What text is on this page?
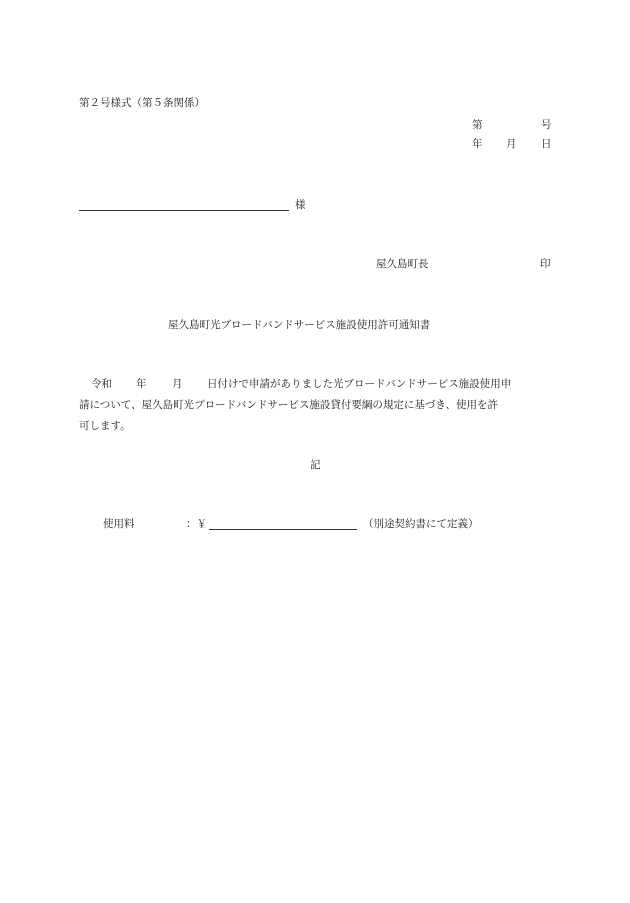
第２号様式（第５条関係）
第	号
年 月 日
様
屋久島町長	印
屋久島町光ブロードバンドサービス施設使用許可通知書
令和 年 月 日付けで申請がありました光ブロードバンドサービス施設使用申
請について、屋久島町光ブロードバンドサービス施設貸付要綱の規定に基づき、使用を許
可します。
記
使用料	：￥	（別途契約書にて定義）
